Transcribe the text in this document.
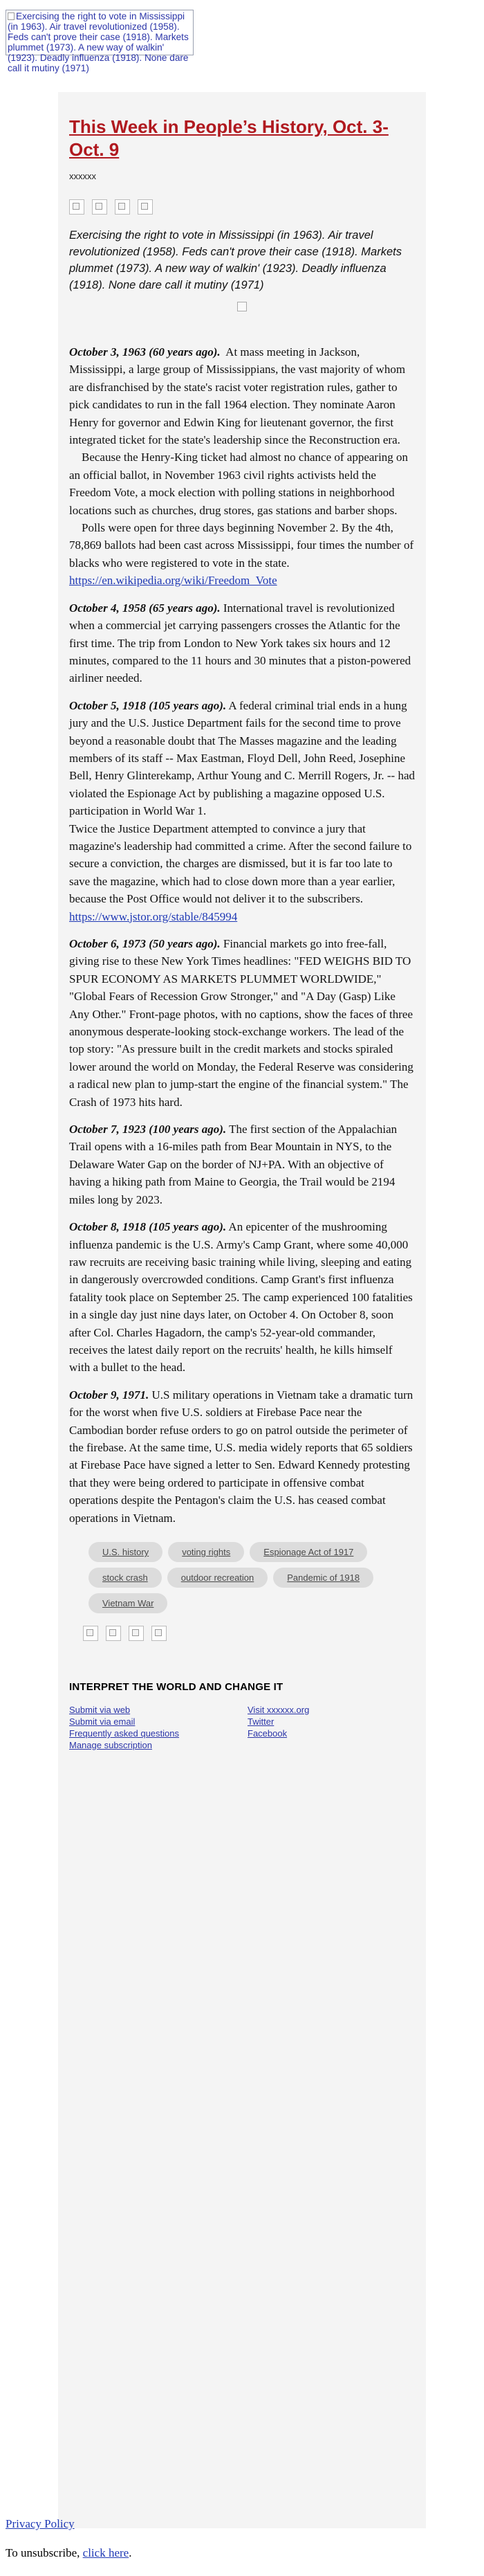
Exercising the right to vote in Mississippi (in 1963). Air travel revolutionized (1958). Feds can't prove their case (1918). Markets plummet (1973). A new way of walkin' (1923). Deadly influenza (1918). None dare call it mutiny (1971)
This Week in People’s History, Oct. 3-Oct. 9
xxxxxx
Exercising the right to vote in Mississippi (in 1963). Air travel revolutionized (1958). Feds can't prove their case (1918). Markets plummet (1973). A new way of walkin' (1923). Deadly influenza (1918). None dare call it mutiny (1971)

October 3, 1963 (60 years ago). At mass meeting in Jackson, Mississippi, a large group of Mississippians, the vast majority of whom are disfranchised by the state's racist voter registration rules, gather to pick candidates to run in the fall 1964 election. They nominate Aaron Henry for governor and Edwin King for lieutenant governor, the first integrated ticket for the state's leadership since the Reconstruction era.

Because the Henry-King ticket had almost no chance of appearing on an official ballot, in November 1963 civil rights activists held the Freedom Vote, a mock election with polling stations in neighborhood locations such as churches, drug stores, gas stations and barber shops.

Polls were open for three days beginning November 2. By the 4th, 78,869 ballots had been cast across Mississippi, four times the number of blacks who were registered to vote in the state. https://en.wikipedia.org/wiki/Freedom_Vote

October 4, 1958 (65 years ago). International travel is revolutionized when a commercial jet carrying passengers crosses the Atlantic for the first time. The trip from London to New York takes six hours and 12 minutes, compared to the 11 hours and 30 minutes that a piston-powered airliner needed.

October 5, 1918 (105 years ago). A federal criminal trial ends in a hung jury and the U.S. Justice Department fails for the second time to prove beyond a reasonable doubt that The Masses magazine and the leading members of its staff -- Max Eastman, Floyd Dell, John Reed, Josephine Bell, Henry Glinterekamp, Arthur Young and C. Merrill Rogers, Jr. -- had violated the Espionage Act by publishing a magazine opposed U.S. participation in World War 1.

Twice the Justice Department attempted to convince a jury that magazine's leadership had committed a crime. After the second failure to secure a conviction, the charges are dismissed, but it is far too late to save the magazine, which had to close down more than a year earlier, because the Post Office would not deliver it to the subscribers. https://www.jstor.org/stable/845994

October 6, 1973 (50 years ago). Financial markets go into free-fall, giving rise to these New York Times headlines: "FED WEIGHS BID TO SPUR ECONOMY AS MARKETS PLUMMET WORLDWIDE," "Global Fears of Recession Grow Stronger," and "A Day (Gasp) Like Any Other." Front-page photos, with no captions, show the faces of three anonymous desperate-looking stock-exchange workers. The lead of the top story: "As pressure built in the credit markets and stocks spiraled lower around the world on Monday, the Federal Reserve was considering a radical new plan to jump-start the engine of the financial system." The Crash of 1973 hits hard.

October 7, 1923 (100 years ago). The first section of the Appalachian Trail opens with a 16-miles path from Bear Mountain in NYS, to the Delaware Water Gap on the border of NJ+PA. With an objective of having a hiking path from Maine to Georgia, the Trail would be 2194 miles long by 2023.

October 8, 1918 (105 years ago). An epicenter of the mushrooming influenza pandemic is the U.S. Army's Camp Grant, where some 40,000 raw recruits are receiving basic training while living, sleeping and eating in dangerously overcrowded conditions. Camp Grant's first influenza fatality took place on September 25. The camp experienced 100 fatalities in a single day just nine days later, on October 4. On October 8, soon after Col. Charles Hagadorn, the camp's 52-year-old commander, receives the latest daily report on the recruits' health, he kills himself with a bullet to the head.

October 9, 1971. U.S military operations in Vietnam take a dramatic turn for the worst when five U.S. soldiers at Firebase Pace near the Cambodian border refuse orders to go on patrol outside the perimeter of the firebase. At the same time, U.S. media widely reports that 65 soldiers at Firebase Pace have signed a letter to Sen. Edward Kennedy protesting that they were being ordered to participate in offensive combat operations despite the Pentagon's claim the U.S. has ceased combat operations in Vietnam.

U.S. history	voting rights	Espionage Act of 1917 stock crash	outdoor recreation	Pandemic of 1918 Vietnam War
INTERPRET THE WORLD AND CHANGE IT
Submit via web
Submit via email
Frequently asked questions
Manage subscription
Visit xxxxxx.org
Twitter
Facebook
Privacy Policy
To unsubscribe, click here.
